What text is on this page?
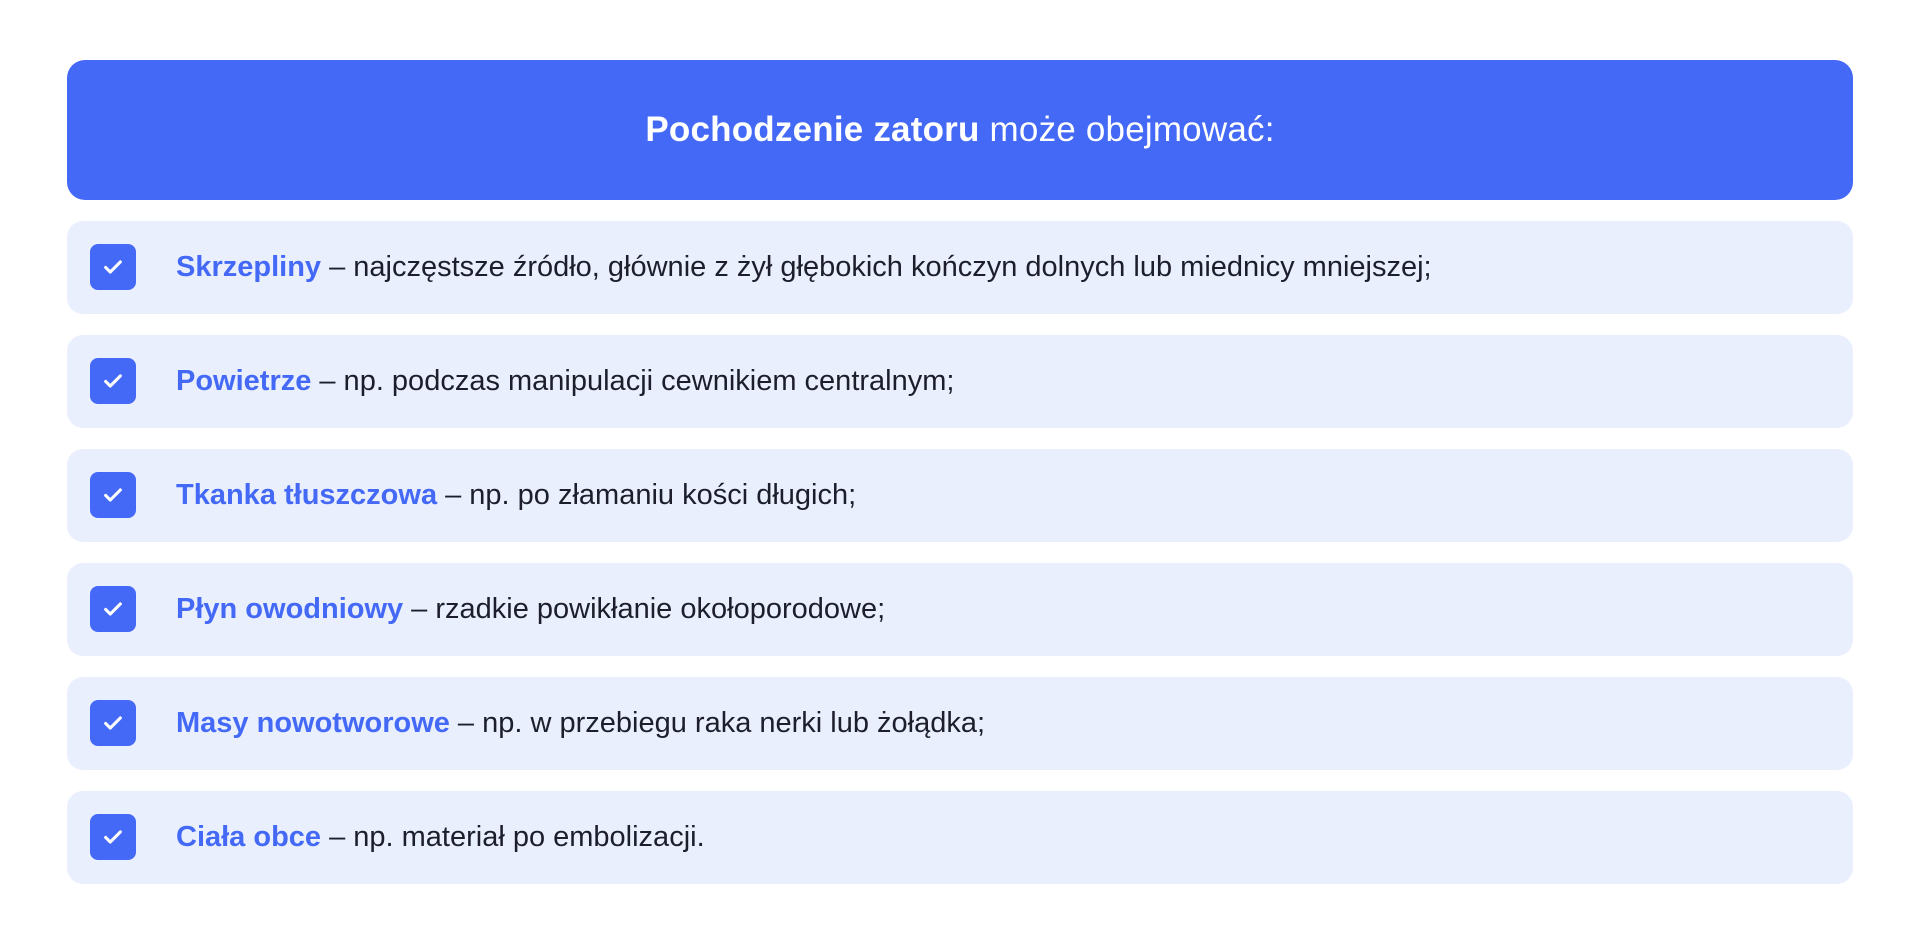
Pochodzenie zatoru może obejmować:
Skrzepliny – najczęstsze źródło, głównie z żył głębokich kończyn dolnych lub miednicy mniejszej;
Powietrze – np. podczas manipulacji cewnikiem centralnym;
Tkanka tłuszczowa – np. po złamaniu kości długich;
Płyn owodniowy – rzadkie powikłanie okołoporodowe;
Masy nowotworowe – np. w przebiegu raka nerki lub żołądka;
Ciała obce – np. materiał po embolizacji.
